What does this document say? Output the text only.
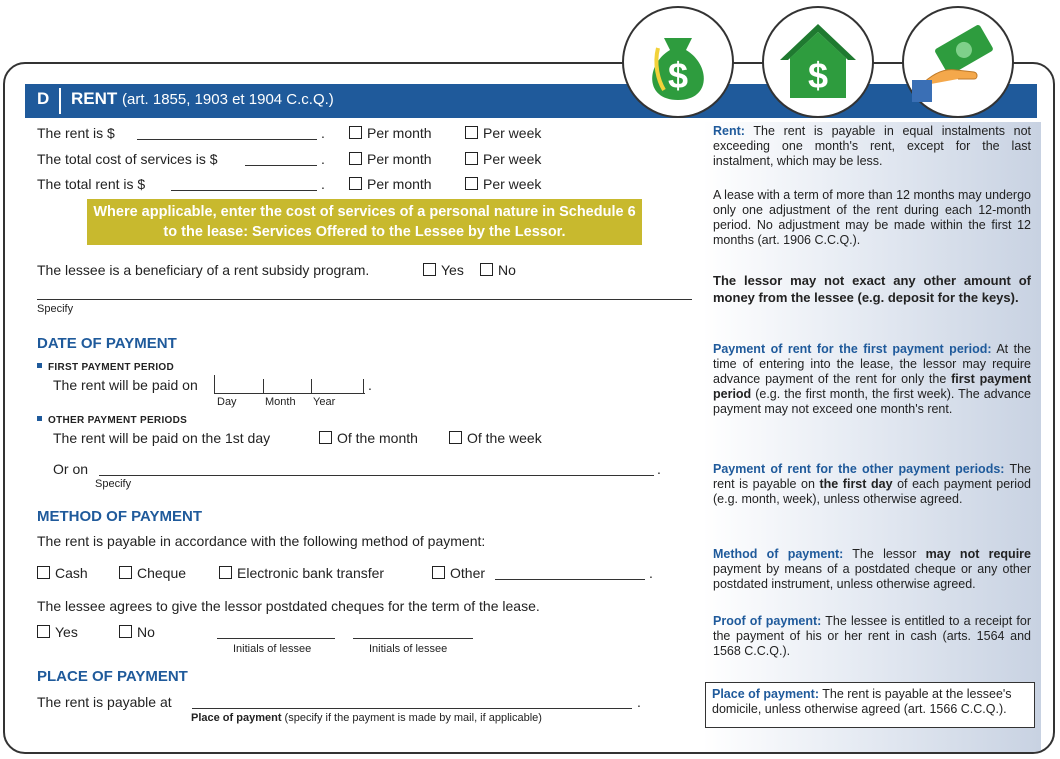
D RENT (art. 1855, 1903 et 1904 C.c.Q.)
The rent is $	.	Per month	Per week
The total cost of services is $	.	Per month	Per week
The total rent is $	.	Per month	Per week
Where applicable, enter the cost of services of a personal nature in Schedule 6 to the lease: Services Offered to the Lessee by the Lessor.
The lessee is a beneficiary of a rent subsidy program.	Yes	No
Specify
DATE OF PAYMENT
FIRST PAYMENT PERIOD
The rent will be paid on	.
Day	Month Year
OTHER PAYMENT PERIODS
The rent will be paid on the 1st day	Of the month	Of the week
Or on	.
Specify
METHOD OF PAYMENT
The rent is payable in accordance with the following method of payment:
Cash	Cheque	Electronic bank transfer	Other	.
The lessee agrees to give the lessor postdated cheques for the term of the lease.
Yes	No
Initials of lessee	Initials of lessee
PLACE OF PAYMENT
The rent is payable at	.
Place of payment (specify if the payment is made by mail, if applicable)

Rent: The rent is payable in equal instalments not exceeding one month's rent, except for the last instalment, which may be less.

A lease with a term of more than 12 months may undergo only one adjustment of the rent during each 12-month period. No adjustment may be made within the first 12 months (art. 1906 C.C.Q.).

The lessor may not exact any other amount of money from the lessee (e.g. deposit for the keys).

Payment of rent for the first payment period: At the time of entering into the lease, the lessor may require advance payment of the rent for only the first payment period (e.g. the first month, the first week). The advance payment may not exceed one month's rent.

Payment of rent for the other payment periods: The rent is payable on the first day of each payment period (e.g. month, week), unless otherwise agreed.

Method of payment: The lessor may not require payment by means of a postdated cheque or any other postdated instrument, unless otherwise agreed.

Proof of payment: The lessee is entitled to a receipt for the payment of his or her rent in cash (arts. 1564 and 1568 C.C.Q.).

Place of payment: The rent is payable at the lessee's domicile, unless otherwise agreed (art. 1566 C.C.Q.).
$	$
